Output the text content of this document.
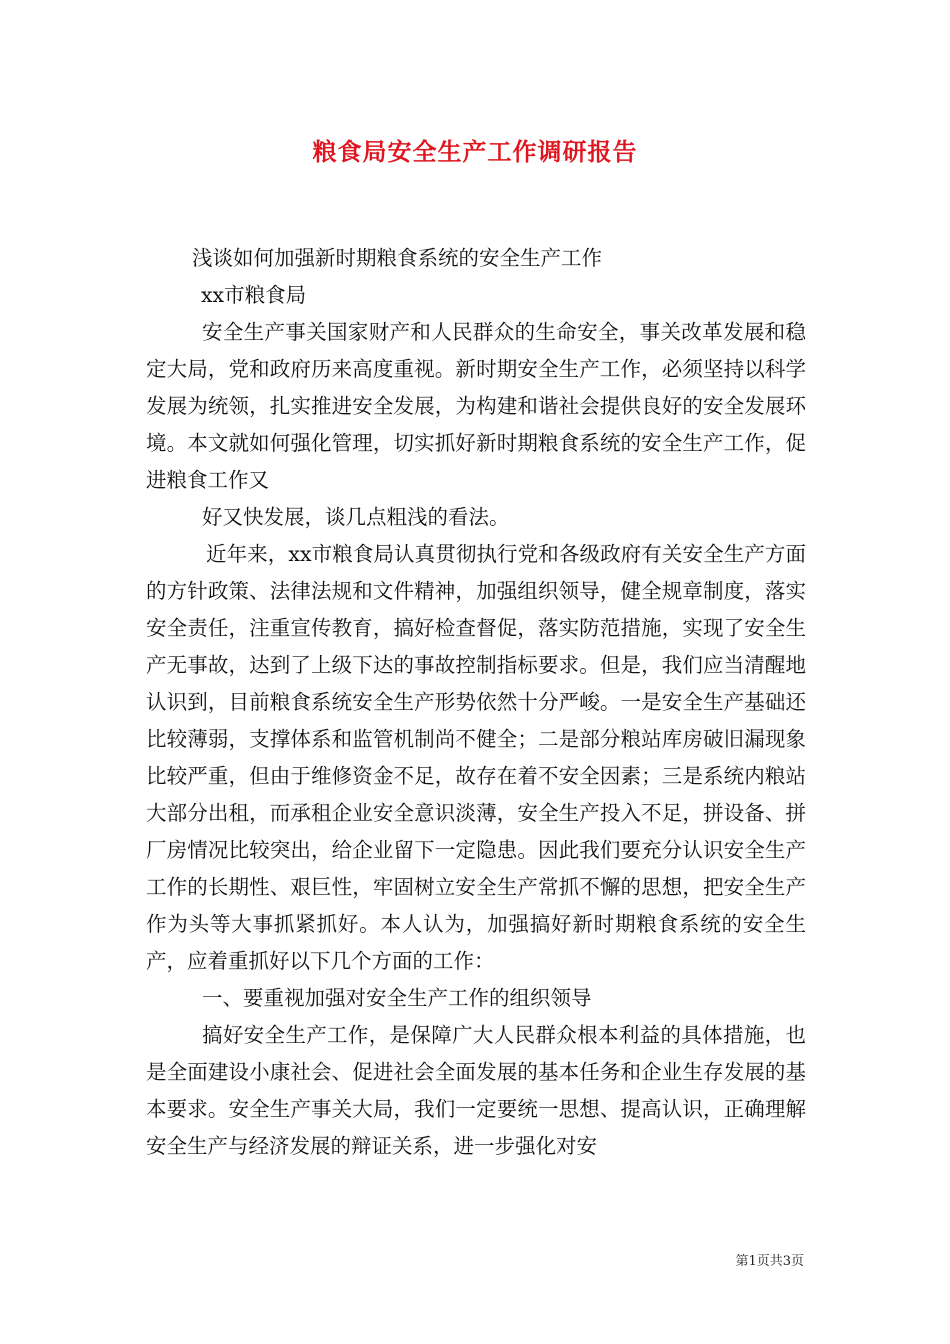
粮食局安全生产工作调研报告

浅谈如何加强新时期粮食系统的安全生产工作

xx市粮食局

安全生产事关国家财产和人民群众的生命安全，事关改革发展和稳定大局，党和政府历来高度重视。新时期安全生产工作，必须坚持以科学发展为统领，扎实推进安全发展，为构建和谐社会提供良好的安全发展环境。本文就如何强化管理，切实抓好新时期粮食系统的安全生产工作，促进粮食工作又

好又快发展，谈几点粗浅的看法。

近年来，xx市粮食局认真贯彻执行党和各级政府有关安全生产方面的方针政策、法律法规和文件精神，加强组织领导，健全规章制度，落实安全责任，注重宣传教育，搞好检查督促，落实防范措施，实现了安全生产无事故，达到了上级下达的事故控制指标要求。但是，我们应当清醒地认识到，目前粮食系统安全生产形势依然十分严峻。一是安全生产基础还比较薄弱，支撑体系和监管机制尚不健全；二是部分粮站库房破旧漏现象比较严重，但由于维修资金不足，故存在着不安全因素；三是系统内粮站大部分出租，而承租企业安全意识淡薄，安全生产投入不足，拼设备、拼厂房情况比较突出，给企业留下一定隐患。因此我们要充分认识安全生产工作的长期性、艰巨性，牢固树立安全生产常抓不懈的思想，把安全生产作为头等大事抓紧抓好。本人认为，加强搞好新时期粮食系统的安全生产，应着重抓好以下几个方面的工作：

一、要重视加强对安全生产工作的组织领导

搞好安全生产工作，是保障广大人民群众根本利益的具体措施，也是全面建设小康社会、促进社会全面发展的基本任务和企业生存发展的基本要求。安全生产事关大局，我们一定要统一思想、提高认识，正确理解安全生产与经济发展的辩证关系，进一步强化对安

第1页共3页
